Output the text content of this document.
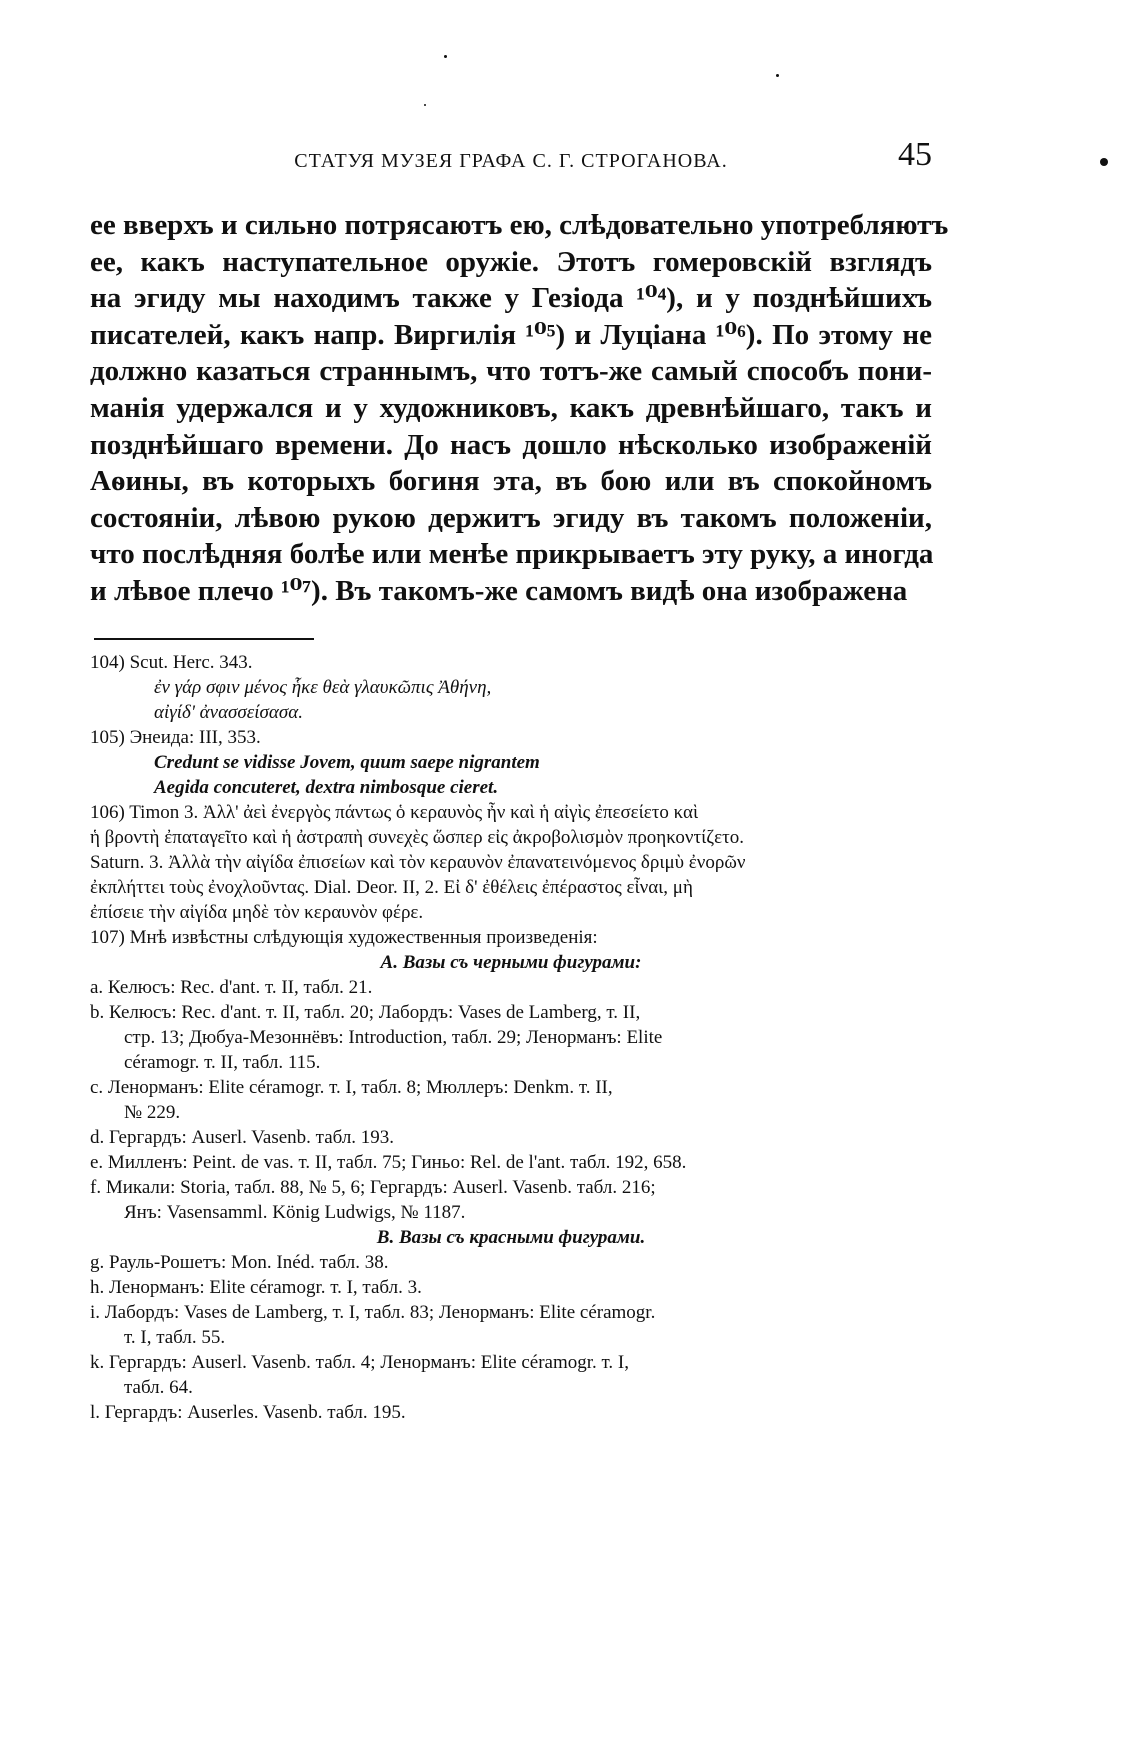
СТАТУЯ МУЗЕЯ ГРАФА С. Г. СТРОГАНОВА.	45
ее вверхъ и сильно потрясаютъ ею, слѣдовательно употребляютъ
ее, какъ наступательное оружіе. Этотъ гомеровскій взглядъ
на эгиду мы находимъ также у Гезіода ¹⁰⁴), и у позднѣйшихъ
писателей, какъ напр. Виргилія ¹⁰⁵) и Луціана ¹⁰⁶). По этому не
должно казаться страннымъ, что тотъ-же самый способъ пони-
манія удержался и у художниковъ, какъ древнѣйшаго, такъ и
позднѣйшаго времени. До насъ дошло нѣсколько изображеній
Аѳины, въ которыхъ богиня эта, въ бою или въ спокойномъ
состояніи, лѣвою рукою держитъ эгиду въ такомъ положеніи,
что послѣдняя болѣе или менѣе прикрываетъ эту руку, а иногда
и лѣвое плечо ¹⁰⁷). Въ такомъ-же самомъ видѣ она изображена
104) Scut. Herc. 343.
ἐν γάρ σφιν μένος ἧκε θεὰ γλαυκῶπις Ἀθήνη,
αἰγίδ' ἀνασσείσασα.
105) Энеида: III, 353.
Credunt se vidisse Jovem, quum saepe nigrantem
Aegida concuteret, dextra nimbosque cieret.
106) Timon 3. Ἀλλ' ἀεὶ ἐνεργὸς πάντως ὁ κεραυνὸς ἦν καὶ ἡ αἰγὶς ἐπεσείετο καὶ
ἡ βροντὴ ἐπαταγεῖτο καὶ ἡ ἀστραπὴ συνεχὲς ὥσπερ εἰς ἀκροβολισμὸν προηκοντίζετο.
Saturn. 3. Ἀλλὰ τὴν αἰγίδα ἐπισείων καὶ τὸν κεραυνὸν ἐπανατεινόμενος δριμὺ ἐνορῶν
ἐκπλήττει τοὺς ἐνοχλοῦντας. Dial. Deor. II, 2. Εἰ δ' ἐθέλεις ἐπέραστος εἶναι, μὴ
ἐπίσειε τὴν αἰγίδα μηδὲ τὸν κεραυνὸν φέρε.
107) Мнѣ извѣстны слѣдующія художественныя произведенія:
А. Вазы съ черными фигурами:
a. Келюсъ: Rec. d'ant. т. II, табл. 21.
b. Келюсъ: Rec. d'ant. т. II, табл. 20; Лабордъ: Vases de Lamberg, т. II,
стр. 13; Дюбуа-Мезоннёвъ: Introduction, табл. 29; Ленорманъ: Elite
céramogr. т. II, табл. 115.
c. Ленорманъ: Elite céramogr. т. I, табл. 8; Мюллеръ: Denkm. т. II,
№ 229.
d. Гергардъ: Auserl. Vasenb. табл. 193.
e. Милленъ: Peint. de vas. т. II, табл. 75; Гиньо: Rel. de l'ant. табл. 192, 658.
f. Микали: Storia, табл. 88, № 5, 6; Гергардъ: Auserl. Vasenb. табл. 216;
Янъ: Vasensamml. König Ludwigs, № 1187.
В. Вазы съ красными фигурами.
g. Рауль-Рошетъ: Mon. Inéd. табл. 38.
h. Ленорманъ: Elite céramogr. т. I, табл. 3.
i. Лабордъ: Vases de Lamberg, т. I, табл. 83; Ленорманъ: Elite céramogr.
т. I, табл. 55.
k. Гергардъ: Auserl. Vasenb. табл. 4; Ленорманъ: Elite céramogr. т. I,
табл. 64.
l. Гергардъ: Auserles. Vasenb. табл. 195.
